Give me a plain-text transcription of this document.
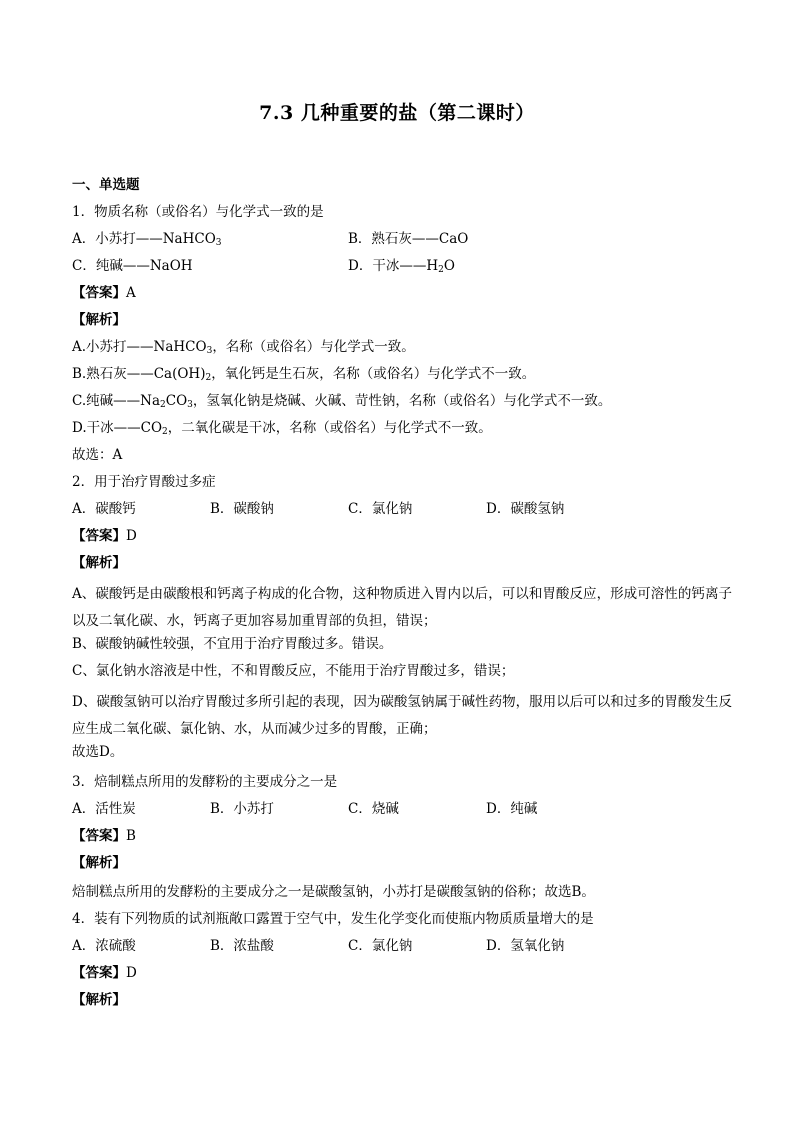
7.3 几种重要的盐（第二课时）
一、单选题
1．物质名称（或俗名）与化学式一致的是
A．小苏打——NaHCO$_3$	B．熟石灰——CaO
C．纯碱——NaOH	D．干冰$——H_2O$
【答案】A
【解析】
A.小苏打——NaHCO$_3$，名称（或俗名）与化学式一致。
B.熟石灰$——Ca(OH)_2$，氧化钙是生石灰，名称（或俗名）与化学式不一致。
C.纯碱$——Na_2CO_3$，氢氧化钠是烧碱、火碱、苛性钠，名称（或俗名）与化学式不一致。
D.干冰$——CO_2$，二氧化碳是干冰，名称（或俗名）与化学式不一致。
故选：A
2．用于治疗胃酸过多症
A．碳酸钙	B．碳酸钠	C．氯化钠	D．碳酸氢钠
【答案】D
【解析】
A、碳酸钙是由碳酸根和钙离子构成的化合物，这种物质进入胃内以后，可以和胃酸反应，形成可溶性的钙离子以及二氧化碳、水，钙离子更加容易加重胃部的负担，错误；
B、碳酸钠碱性较强，不宜用于治疗胃酸过多。错误。
C、氯化钠水溶液是中性，不和胃酸反应，不能用于治疗胃酸过多，错误；
D、碳酸氢钠可以治疗胃酸过多所引起的表现，因为碳酸氢钠属于碱性药物，服用以后可以和过多的胃酸发生反应生成二氧化碳、氯化钠、水，从而减少过多的胃酸，正确；
故选D。
3．焙制糕点所用的发酵粉的主要成分之一是
A．活性炭	B．小苏打	C．烧碱	D．纯碱
【答案】B
【解析】
焙制糕点所用的发酵粉的主要成分之一是碳酸氢钠，小苏打是碳酸氢钠的俗称；故选B。
4．装有下列物质的试剂瓶敞口露置于空气中，发生化学变化而使瓶内物质质量增大的是
A．浓硫酸	B．浓盐酸	C．氯化钠	D．氢氧化钠
【答案】D
【解析】
